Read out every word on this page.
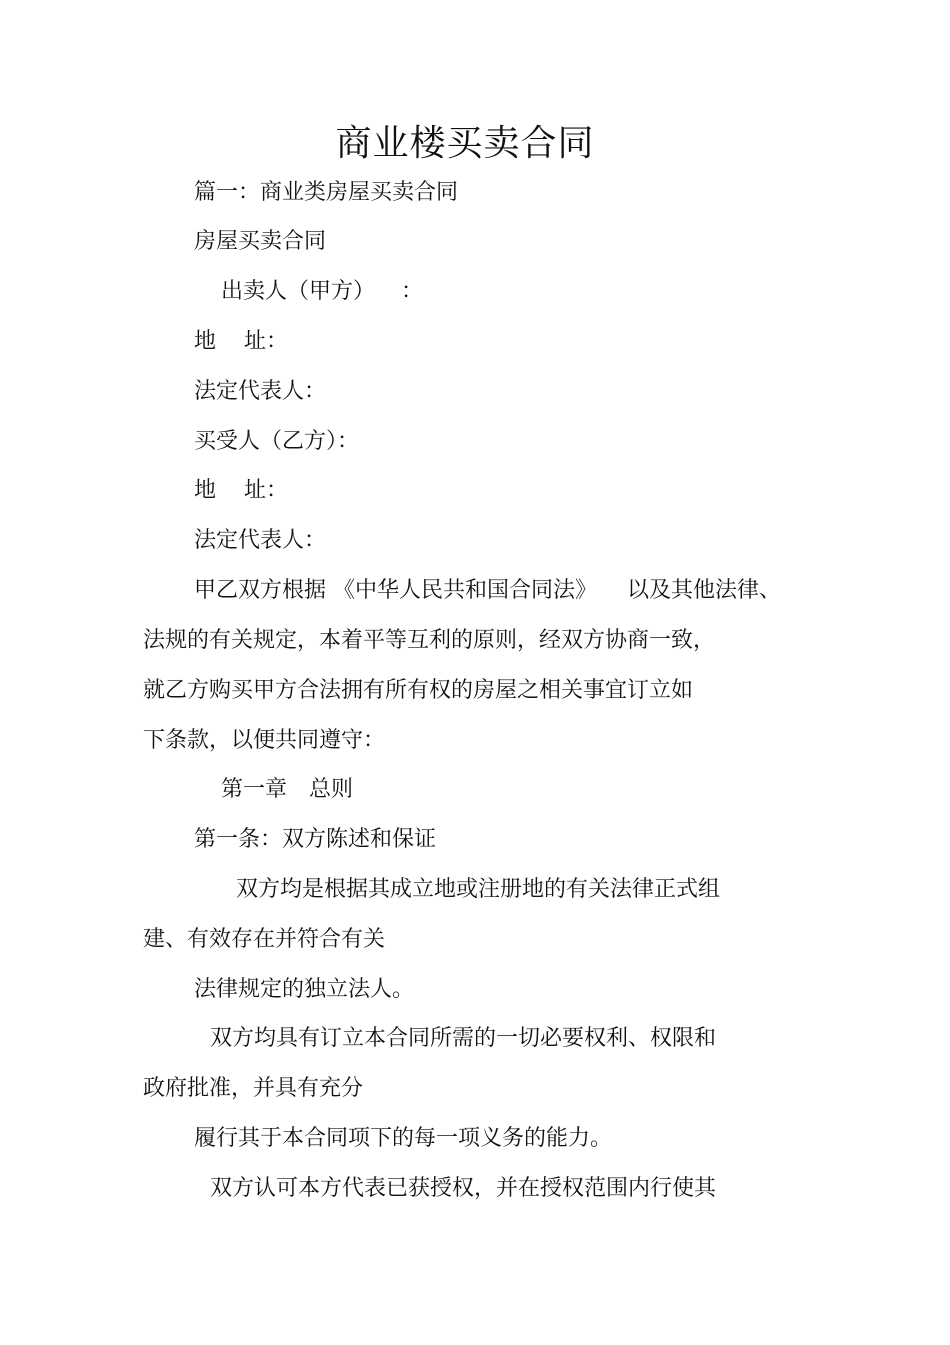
商业楼买卖合同
篇一：商业类房屋买卖合同
房屋买卖合同
出卖人（甲方） ：
地 址：
法定代表人：
买受人（乙方）：
地 址：
法定代表人：
甲乙双方根据 《中华人民共和国合同法》 以及其他法律、
法规的有关规定，本着平等互利的原则，经双方协商一致，
就乙方购买甲方合法拥有所有权的房屋之相关事宜订立如
下条款，以便共同遵守：
第一章 总则
第一条：双方陈述和保证
双方均是根据其成立地或注册地的有关法律正式组
建、有效存在并符合有关
法律规定的独立法人。
双方均具有订立本合同所需的一切必要权利、权限和
政府批准，并具有充分
履行其于本合同项下的每一项义务的能力。
双方认可本方代表已获授权，并在授权范围内行使其
